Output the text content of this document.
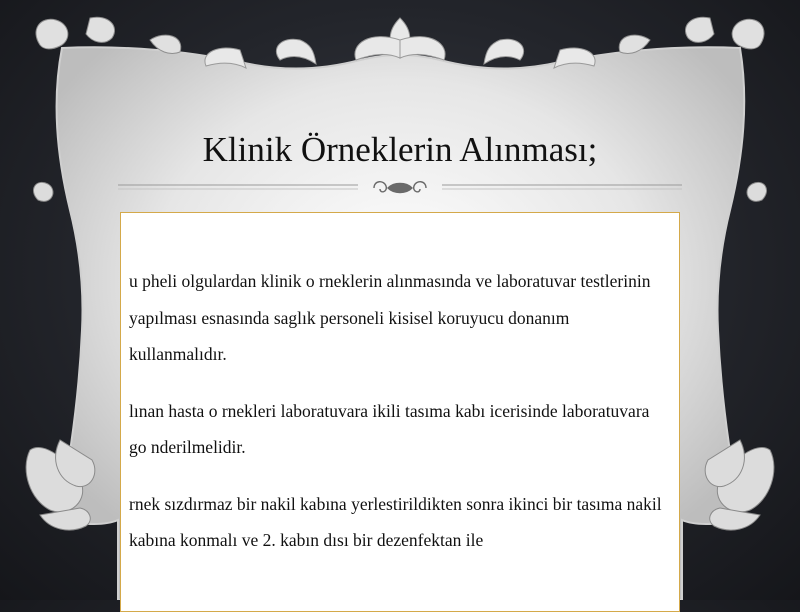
Klinik Örneklerin Alınması;

u pheli olgulardan klinik o rneklerin alınmasında ve laboratuvar testlerinin yapılması esnasında saglık personeli kisisel koruyucu donanım kullanmalıdır.

lınan hasta o rnekleri laboratuvara ikili tasıma kabı icerisinde laboratuvara go nderilmelidir.

rnek sızdırmaz bir nakil kabına yerlestirildikten sonra ikinci bir tasıma nakil kabına konmalı ve 2. kabın dısı bir dezenfektan ile
